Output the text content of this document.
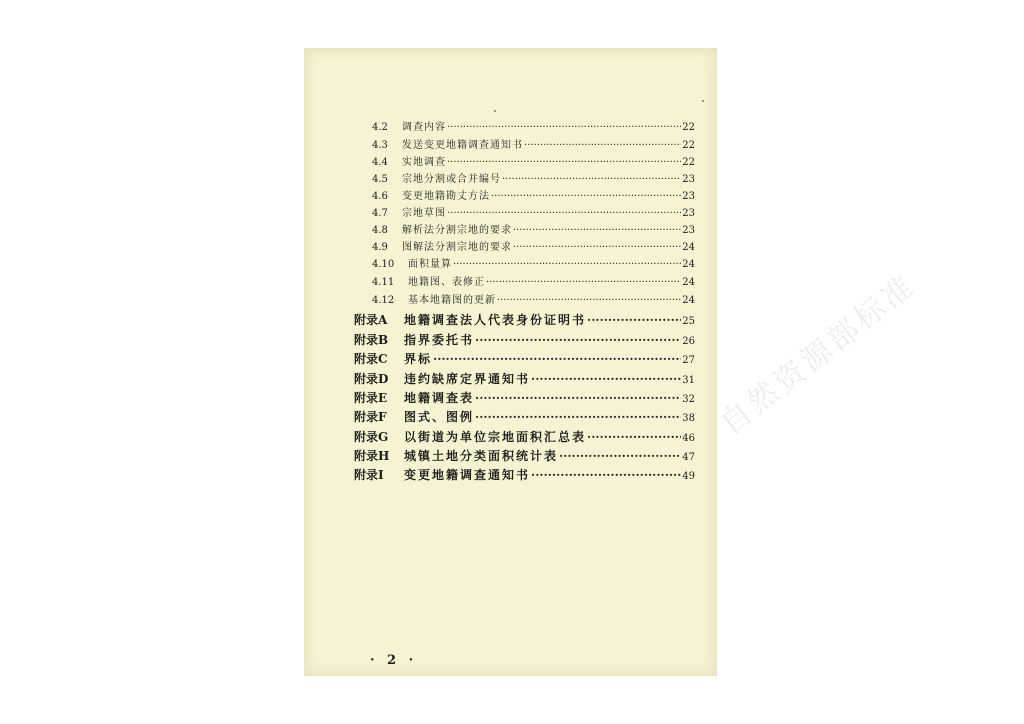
4.2	调查内容 ·····	22
4.3	发送变更地籍调查通知书 ·····	22
4.4	实地调查 ·····	22
4.5	宗地分割或合并编号 ·····	23
4.6	变更地籍勘丈方法 ·····	23
4.7	宗地草图 ·····	23
4.8	解析法分割宗地的要求 ·····	23
4.9	图解法分割宗地的要求 ·····	24
4.10	面积量算 ·····	24
4.11	地籍图、表修正 ·····	24
4.12	基本地籍图的更新 ·····	24
附录A	地籍调查法人代表身份证明书 ·····	25
附录B	指界委托书 ·····	26
附录C	界标 ·····	27
附录D	违约缺席定界通知书 ·····	31
附录E	地籍调查表 ·····	32
附录F	图式、图例 ·····	38
附录G	以街道为单位宗地面积汇总表 ·····	46
附录H	城镇土地分类面积统计表 ·····	47
附录I	变更地籍调查通知书 ·····	49
自然资源部标准
· 2 ·
